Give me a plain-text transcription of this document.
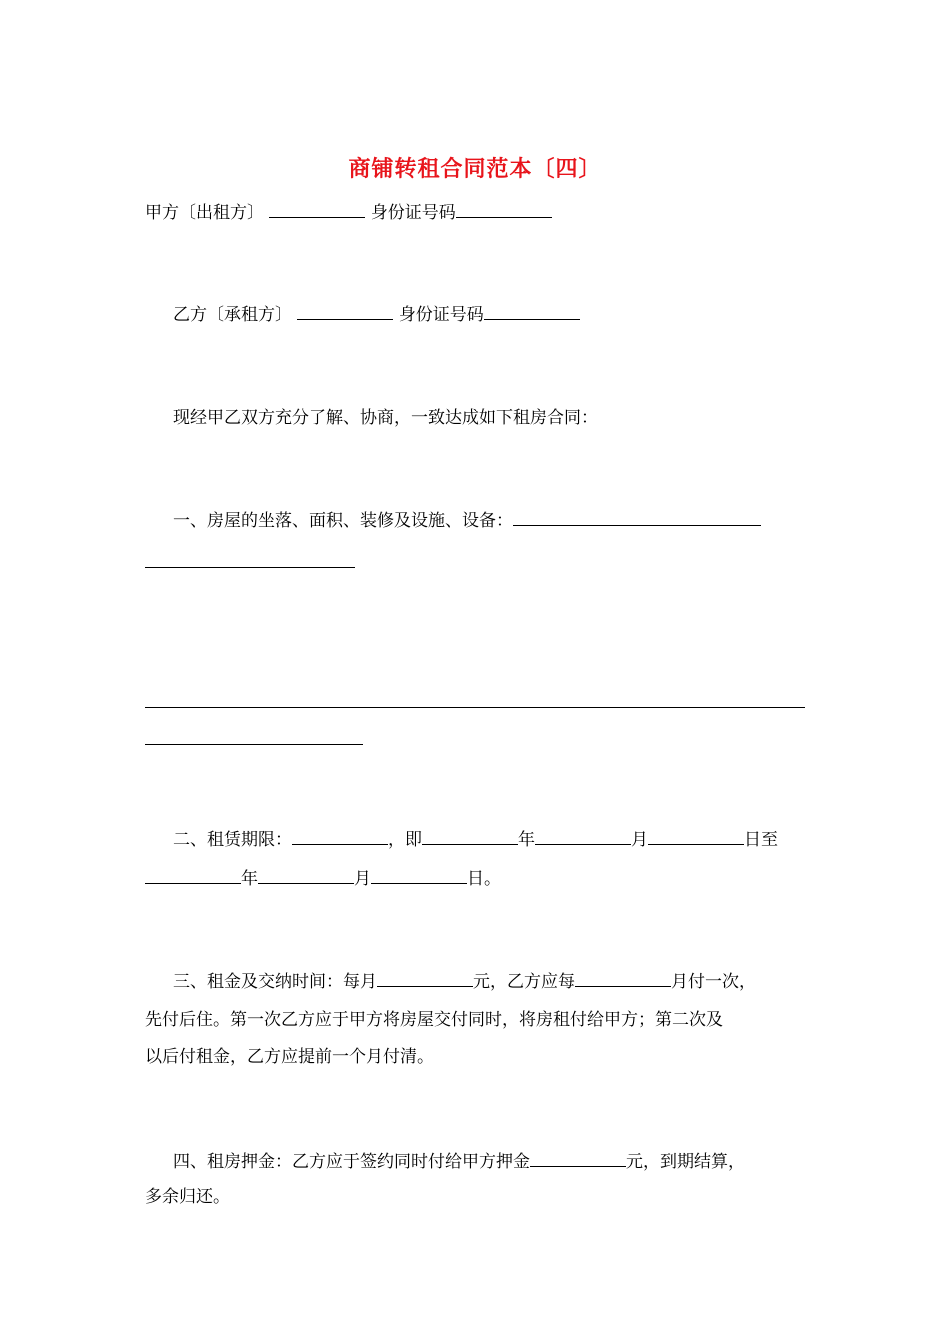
商铺转租合同范本〔四〕
甲方〔出租方〕	身份证号码
乙方〔承租方〕	身份证号码
现经甲乙双方充分了解、协商，一致达成如下租房合同：
一、房屋的坐落、面积、装修及设施、设备：
二、租赁期限：	，即	年	月	日至
年	月	日。
三、租金及交纳时间：每月	元，乙方应每	月付一次，
先付后住。第一次乙方应于甲方将房屋交付同时，将房租付给甲方；第二次及
以后付租金，乙方应提前一个月付清。
四、租房押金：乙方应于签约同时付给甲方押金	元，到期结算，
多余归还。
